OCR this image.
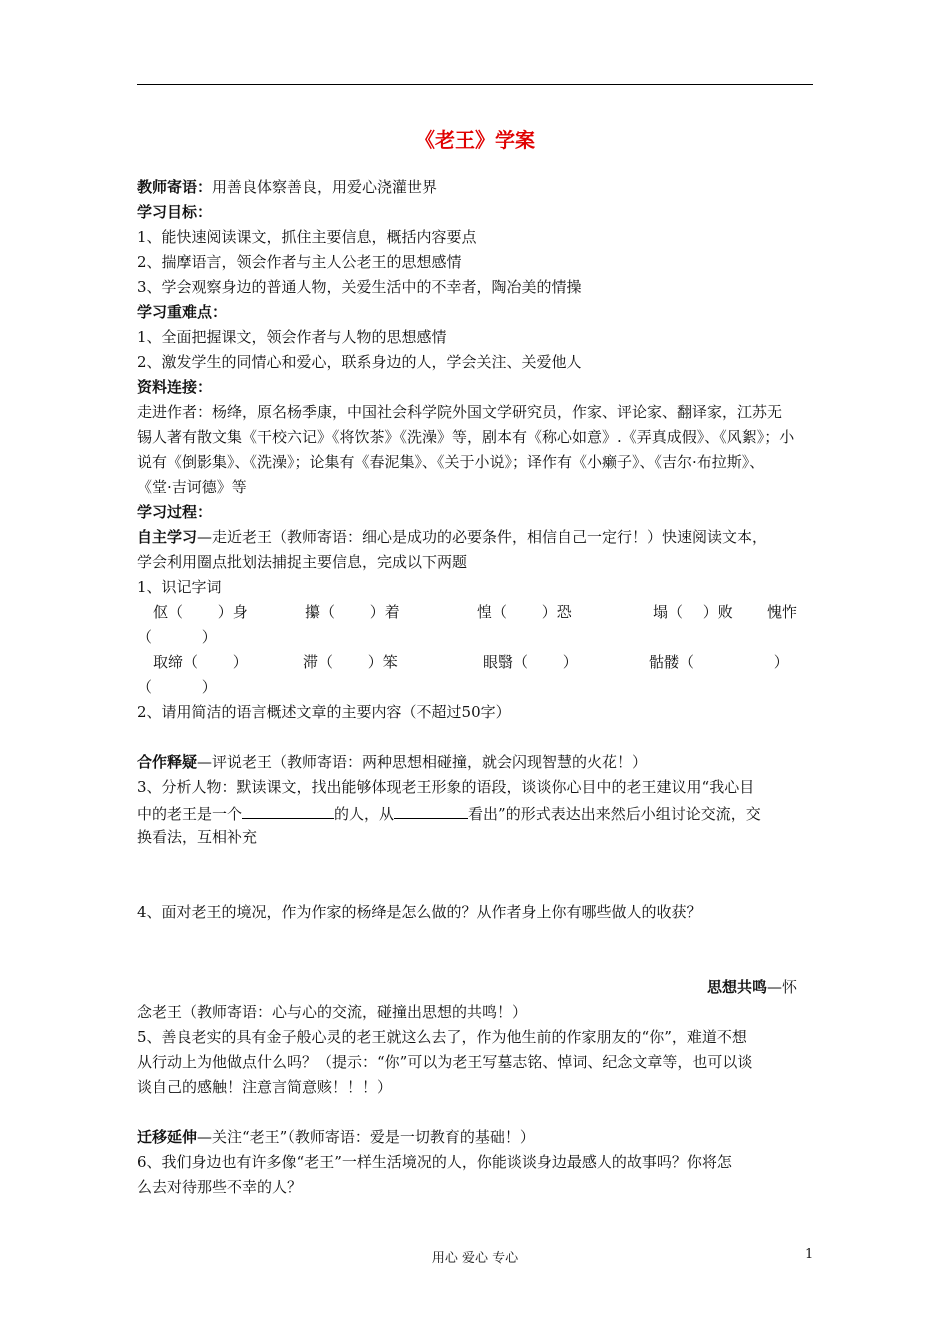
《老王》学案
教师寄语：用善良体察善良，用爱心浇灌世界
学习目标：
1、能快速阅读课文，抓住主要信息，概括内容要点
2、揣摩语言，领会作者与主人公老王的思想感情
3、学会观察身边的普通人物，关爱生活中的不幸者，陶冶美的情操
学习重难点：
1、全面把握课文，领会作者与人物的思想感情
2、激发学生的同情心和爱心，联系身边的人，学会关注、关爱他人
资料连接：
走进作者：杨绛，原名杨季康，中国社会科学院外国文学研究员，作家、评论家、翻译家，江苏无
锡人著有散文集《干校六记》《将饮茶》《洗澡》等，剧本有《称心如意》.《弄真成假》、《风絮》；小
说有《倒影集》、《洗澡》；论集有《春泥集》、《关于小说》；译作有《小癞子》、《吉尔·布拉斯》、
《堂·吉诃德》等
学习过程：
自主学习—走近老王（教师寄语：细心是成功的必要条件，相信自己一定行！）快速阅读文本，
学会利用圈点批划法捕捉主要信息，完成以下两题
1、识记字词
伛（　　 ）身	攥（　　 ）着	惶（　　 ）恐	塌（　 ）败 愧怍
（　　　 ）
取缔（　　 ）	滞（　　 ）笨	眼翳（　　 ）	骷髅（　　　　　 ）
（　　　 ）
2、请用简洁的语言概述文章的主要内容（不超过50字）
合作释疑—评说老王（教师寄语：两种思想相碰撞，就会闪现智慧的火花！）
3、分析人物：默读课文，找出能够体现老王形象的语段，谈谈你心目中的老王建议用“我心目
中的老王是一个	的人，从	看出”的形式表达出来然后小组讨论交流，交
换看法，互相补充
4、面对老王的境况，作为作家的杨绛是怎么做的？从作者身上你有哪些做人的收获？
思想共鸣—怀
念老王（教师寄语：心与心的交流，碰撞出思想的共鸣！）
5、善良老实的具有金子般心灵的老王就这么去了，作为他生前的作家朋友的“你”，难道不想
从行动上为他做点什么吗？（提示：“你”可以为老王写墓志铭、悼词、纪念文章等，也可以谈
谈自己的感触！注意言简意赅！！！）
迁移延伸—关注“老王”（教师寄语：爱是一切教育的基础！）
6、我们身边也有许多像“老王”一样生活境况的人，你能谈谈身边最感人的故事吗？你将怎
么去对待那些不幸的人？
用心 爱心 专心	1
